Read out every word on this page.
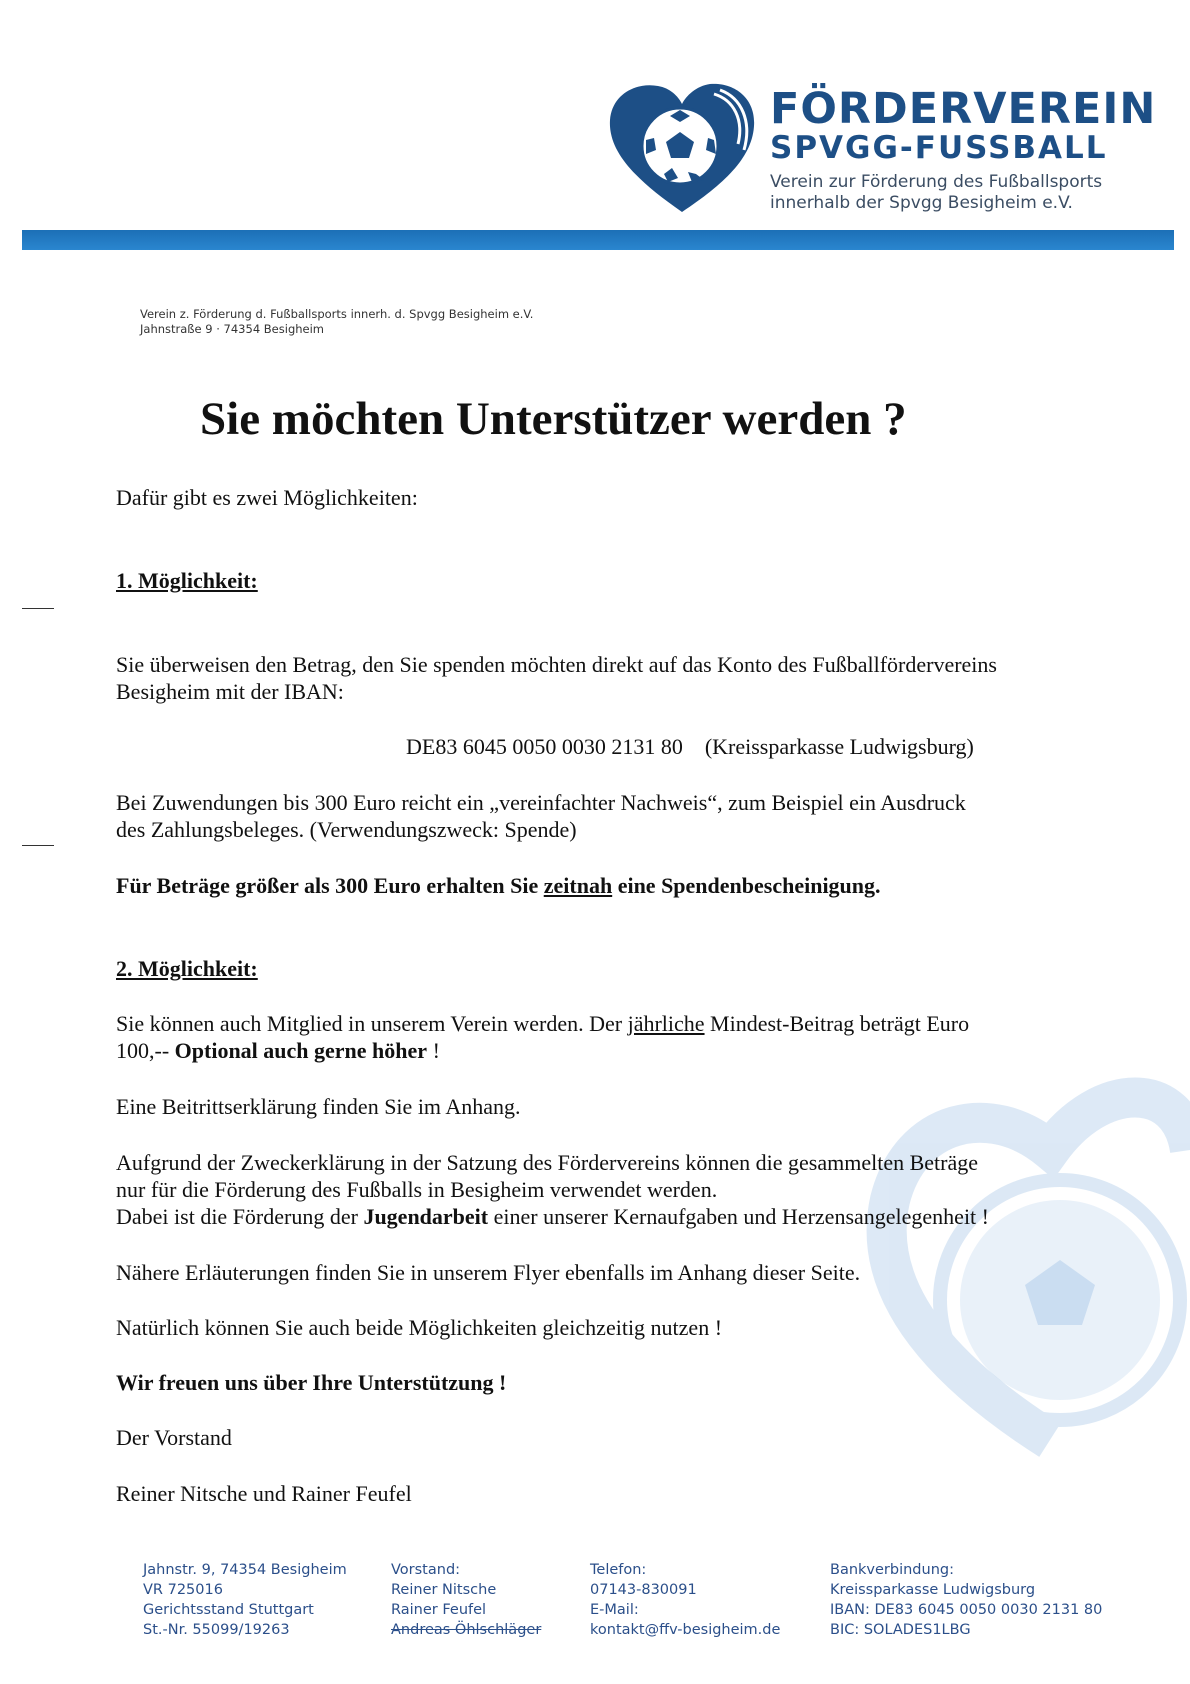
FÖRDERVEREIN
SPVGG-FUSSBALL
Verein zur Förderung des Fußballsports
innerhalb der Spvgg Besigheim e.V.
Verein z. Förderung d. Fußballsports innerh. d. Spvgg Besigheim e.V.
Jahnstraße 9 · 74354 Besigheim
Sie möchten Unterstützer werden ?
Dafür gibt es zwei Möglichkeiten:
1. Möglichkeit:
Sie überweisen den Betrag, den Sie spenden möchten direkt auf das Konto des Fußballfördervereins
Besigheim mit der IBAN:
DE83 6045 0050 0030 2131 80 (Kreissparkasse Ludwigsburg)
Bei Zuwendungen bis 300 Euro reicht ein „vereinfachter Nachweis“, zum Beispiel ein Ausdruck
des Zahlungsbeleges. (Verwendungszweck: Spende)
Für Beträge größer als 300 Euro erhalten Sie zeitnah eine Spendenbescheinigung.
2. Möglichkeit:
Sie können auch Mitglied in unserem Verein werden. Der jährliche Mindest-Beitrag beträgt Euro
100,-- Optional auch gerne höher !
Eine Beitrittserklärung finden Sie im Anhang.
Aufgrund der Zweckerklärung in der Satzung des Fördervereins können die gesammelten Beträge
nur für die Förderung des Fußballs in Besigheim verwendet werden.
Dabei ist die Förderung der Jugendarbeit einer unserer Kernaufgaben und Herzensangelegenheit !
Nähere Erläuterungen finden Sie in unserem Flyer ebenfalls im Anhang dieser Seite.
Natürlich können Sie auch beide Möglichkeiten gleichzeitig nutzen !
Wir freuen uns über Ihre Unterstützung !
Der Vorstand
Reiner Nitsche und Rainer Feufel
Jahnstr. 9, 74354 Besigheim
VR 725016
Gerichtsstand Stuttgart
St.-Nr. 55099/19263
Vorstand:
Reiner Nitsche
Rainer Feufel
Andreas Öhlschläger
Telefon:
07143-830091
E-Mail:
kontakt@ffv-besigheim.de
Bankverbindung:
Kreissparkasse Ludwigsburg
IBAN: DE83 6045 0050 0030 2131 80
BIC: SOLADES1LBG
